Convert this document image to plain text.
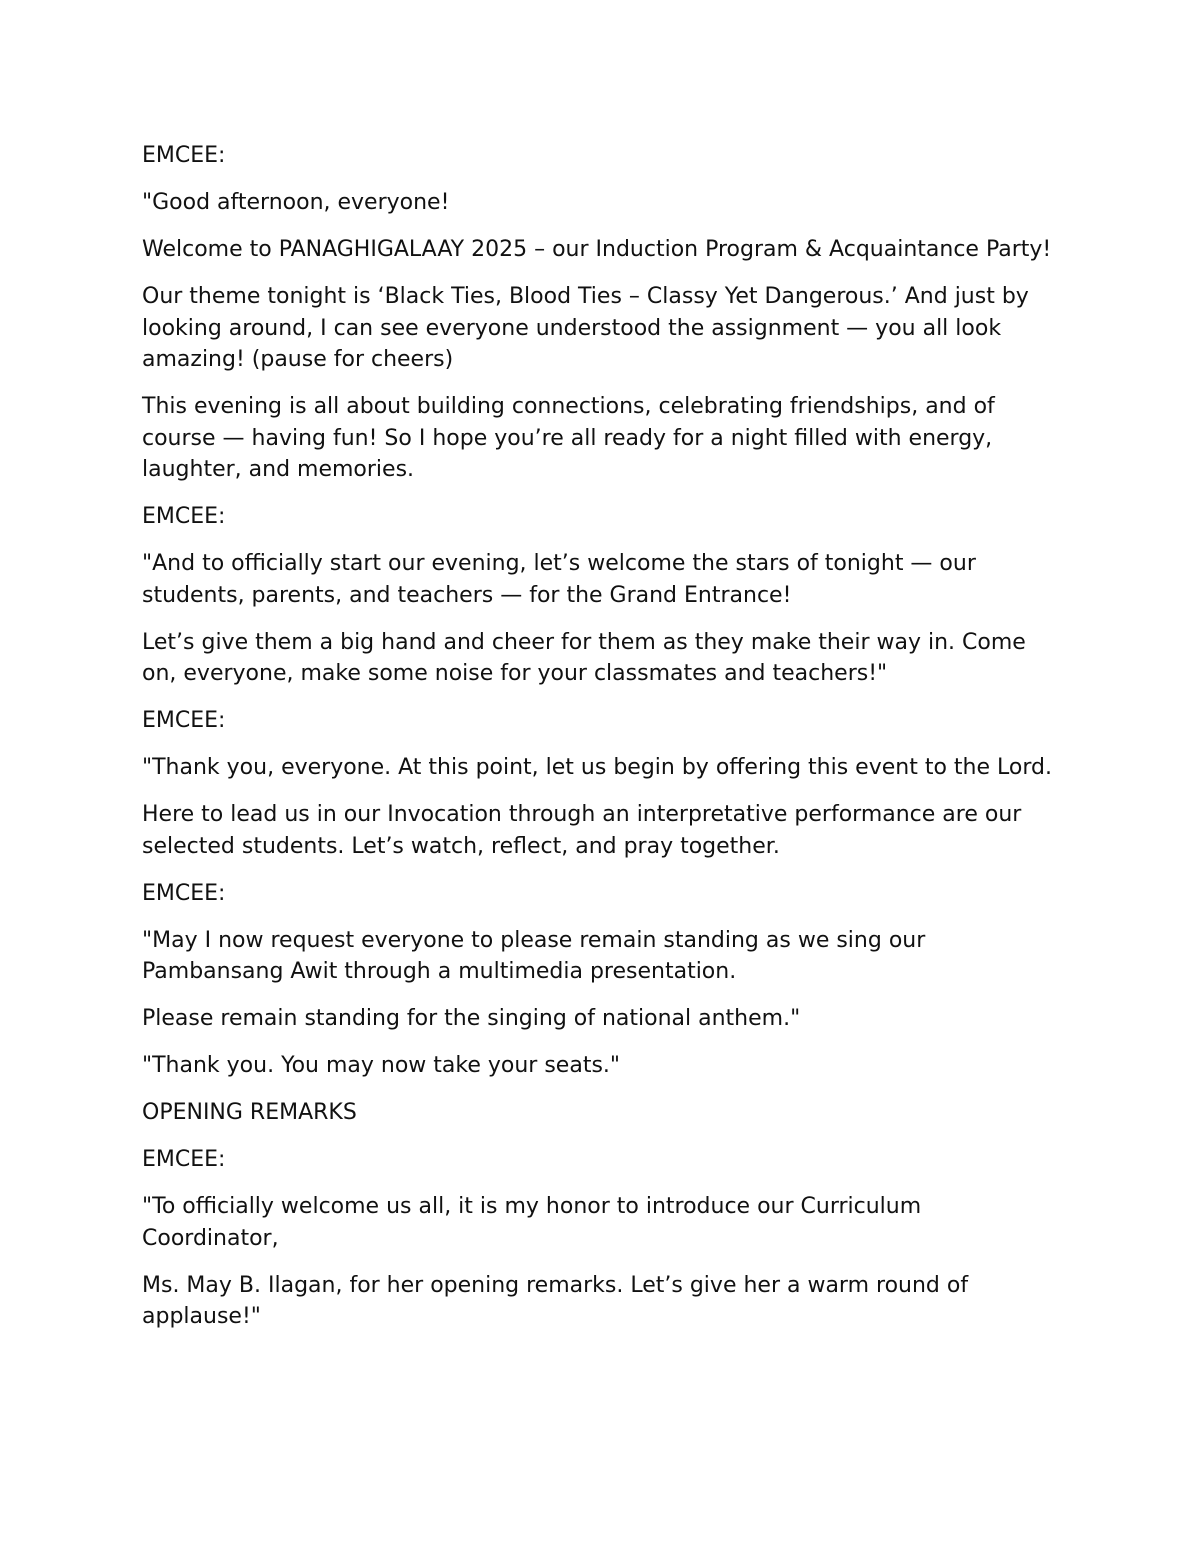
EMCEE:

"Good afternoon, everyone!

Welcome to PANAGHIGALAAY 2025 – our Induction Program & Acquaintance Party!

Our theme tonight is ‘Black Ties, Blood Ties – Classy Yet Dangerous.’ And just by looking around, I can see everyone understood the assignment — you all look amazing! (pause for cheers)

This evening is all about building connections, celebrating friendships, and of course — having fun! So I hope you’re all ready for a night filled with energy, laughter, and memories.

EMCEE:

"And to officially start our evening, let’s welcome the stars of tonight — our students, parents, and teachers — for the Grand Entrance!

Let’s give them a big hand and cheer for them as they make their way in. Come on, everyone, make some noise for your classmates and teachers!"

EMCEE:

"Thank you, everyone. At this point, let us begin by offering this event to the Lord.

Here to lead us in our Invocation through an interpretative performance are our selected students. Let’s watch, reflect, and pray together.

EMCEE:

"May I now request everyone to please remain standing as we sing our Pambansang Awit through a multimedia presentation.

Please remain standing for the singing of national anthem."

"Thank you. You may now take your seats."

OPENING REMARKS

EMCEE:

"To officially welcome us all, it is my honor to introduce our Curriculum Coordinator,

Ms. May B. Ilagan, for her opening remarks. Let’s give her a warm round of applause!"
